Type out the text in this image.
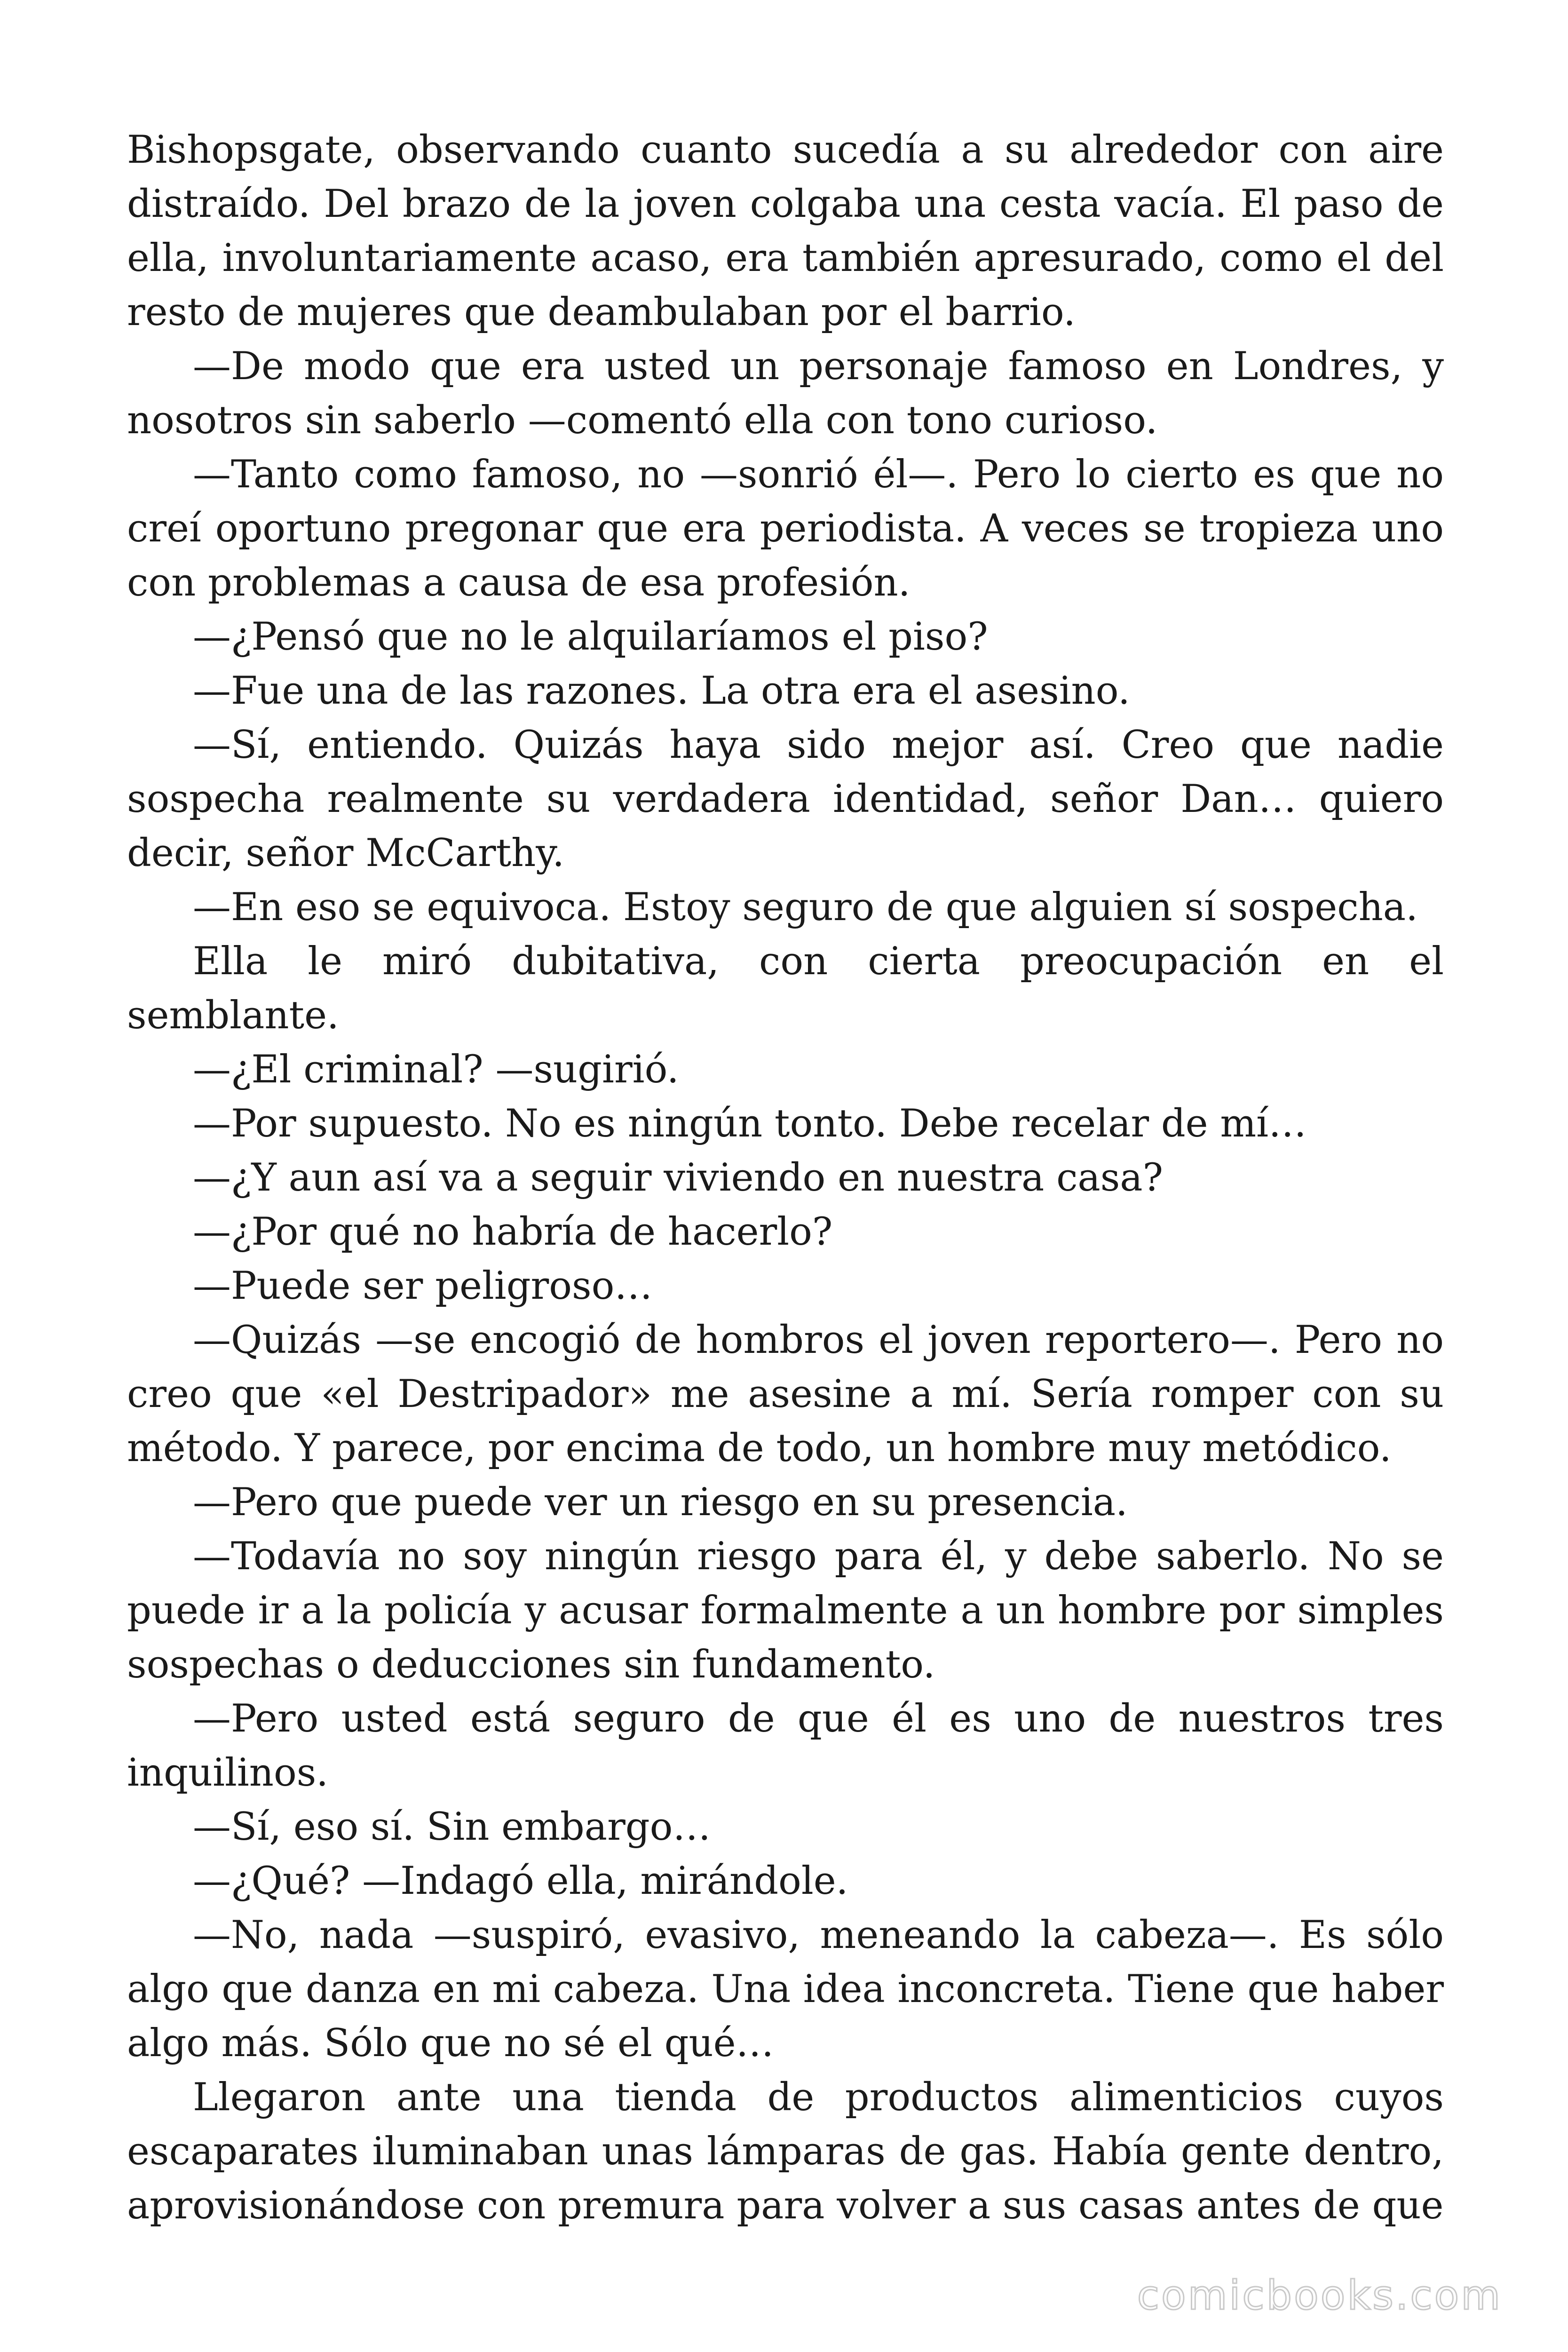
Bishopsgate, observando cuanto sucedía a su alrededor con aire distraído. Del brazo de la joven colgaba una cesta vacía. El paso de ella, involuntariamente acaso, era también apresurado, como el del resto de mujeres que deambulaban por el barrio.

—De modo que era usted un personaje famoso en Londres, y nosotros sin saberlo —comentó ella con tono curioso.

—Tanto como famoso, no —sonrió él—. Pero lo cierto es que no creí oportuno pregonar que era periodista. A veces se tropieza uno con problemas a causa de esa profesión.

—¿Pensó que no le alquilaríamos el piso?

—Fue una de las razones. La otra era el asesino.

—Sí, entiendo. Quizás haya sido mejor así. Creo que nadie sospecha realmente su verdadera identidad, señor Dan… quiero decir, señor McCarthy.

—En eso se equivoca. Estoy seguro de que alguien sí sospecha.

Ella le miró dubitativa, con cierta preocupación en el semblante.

—¿El criminal? —sugirió.

—Por supuesto. No es ningún tonto. Debe recelar de mí…

—¿Y aun así va a seguir viviendo en nuestra casa?

—¿Por qué no habría de hacerlo?

—Puede ser peligroso…

—Quizás —se encogió de hombros el joven reportero—. Pero no creo que «el Destripador» me asesine a mí. Sería romper con su método. Y parece, por encima de todo, un hombre muy metódico.

—Pero que puede ver un riesgo en su presencia.

—Todavía no soy ningún riesgo para él, y debe saberlo. No se puede ir a la policía y acusar formalmente a un hombre por simples sospechas o deducciones sin fundamento.

—Pero usted está seguro de que él es uno de nuestros tres inquilinos.

—Sí, eso sí. Sin embargo…

—¿Qué? —Indagó ella, mirándole.

—No, nada —suspiró, evasivo, meneando la cabeza—. Es sólo algo que danza en mi cabeza. Una idea inconcreta. Tiene que haber algo más. Sólo que no sé el qué…

Llegaron ante una tienda de productos alimenticios cuyos escaparates iluminaban unas lámparas de gas. Había gente dentro, aprovisionándose con premura para volver a sus casas antes de que

comicbooks.com
